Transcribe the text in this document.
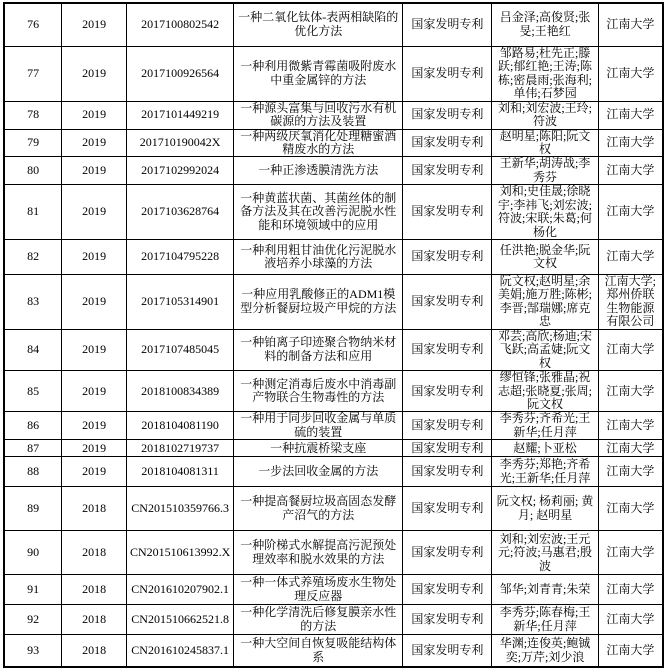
76	2019	2017100802542	一种二氧化钛体-表两相缺陷的优化方法	国家发明专利	吕金泽;高俊贤;张旻;王艳红	江南大学
77	2019	2017100926564	一种利用微紫青霉菌吸附废水中重金属锌的方法	国家发明专利	邹路易;杜先正;滕跃;郁红艳;王涛;陈栋;密晨雨;张海利;单伟;石梦园	江南大学
78	2019	2017101449219	一种源头富集与回收污水有机碳源的方法及装置	国家发明专利	刘和;刘宏波;王玲;符波	江南大学
79	2019	201710190042X	一种两级厌氧消化处理糖蜜酒精废水的方法	国家发明专利	赵明星;陈阳;阮文权	江南大学
80	2019	2017102992024	一种正渗透膜清洗方法	国家发明专利	王新华;胡涛战;李秀芬	江南大学
81	2019	2017103628764	一种黄蓝状菌、其菌丝体的制备方法及其在改善污泥脱水性能和环境领域中的应用	国家发明专利	刘和;史佳晟;徐晓宇;李祎飞;刘宏波;符波;宋联;朱葛;何杨化	江南大学
82	2019	2017104795228	一种利用粗甘油优化污泥脱水液培养小球藻的方法	国家发明专利	任洪艳;脱金华;阮文权	江南大学
83	2019	2017105314901	一种应用乳酸修正的ADM1模型分析餐厨垃圾产甲烷的方法	国家发明专利	阮文权;赵明星;余美娟;施万胜;陈彬;李晋;郜瑞娜;席克忠	江南大学;郑州侨联生物能源有限公司
84	2019	2017107485045	一种铂离子印迹聚合物纳米材料的制备方法和应用	国家发明专利	邓芸;高欣;杨迪;宋飞跃;高孟婕;阮文权	江南大学
85	2019	2018100834389	一种测定消毒后废水中消毒副产物联合生物毒性的方法	国家发明专利	缪恒锋;张雅晶;祝志超;张晓夏;张周;阮文权	江南大学
86	2019	2018104081190	一种用于同步回收金属与单质硫的装置	国家发明专利	李秀芬;齐希光;王新华;任月萍	江南大学
87	2019	2018102719737	一种抗震桥梁支座	国家发明专利	赵耀;卜亚松	江南大学
88	2019	2018104081311	一步法回收金属的方法	国家发明专利	李秀芬;郑艳;齐希光;王新华;任月萍	江南大学
89	2018	CN201510359766.3	一种提高餐厨垃圾高固态发酵产沼气的方法	国家发明专利	阮文权; 杨莉丽; 黄月; 赵明星	江南大学
90	2018	CN201510613992.X	一种阶梯式水解提高污泥预处理效率和脱水效果的方法	国家发明专利	刘和;刘宏波;王元元;符波;马惠君;殷波	江南大学
91	2018	CN201610207902.1	一种一体式养殖场废水生物处理反应器	国家发明专利	邹华;刘青青;朱荣	江南大学
92	2018	CN201510662521.8	一种化学清洗后修复膜亲水性的方法	国家发明专利	李秀芬;陈春梅;王新华;任月萍	江南大学
93	2018	CN201610245837.1	一种大空间自恢复吸能结构体系	国家发明专利	华渊;连俊英;鲍铖奕;万芹;刘少浪	江南大学
